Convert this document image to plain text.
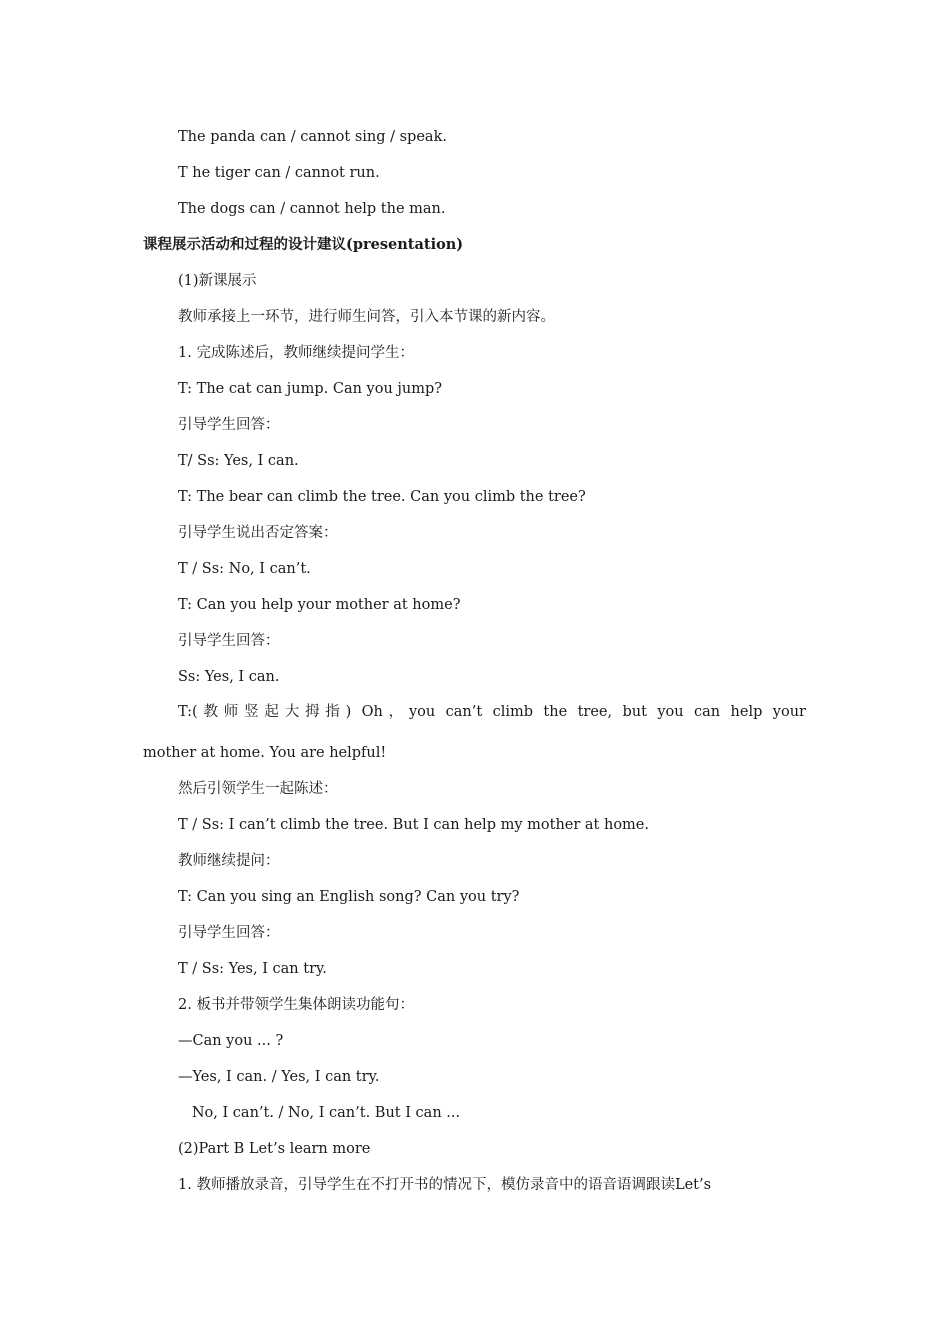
The panda can / cannot sing / speak.
T he tiger can / cannot run.
The dogs can / cannot help the man.
课程展示活动和过程的设计建议(presentation)
(1)新课展示
教师承接上一环节，进行师生问答，引入本节课的新内容。
1. 完成陈述后，教师继续提问学生：
T: The cat can jump. Can you jump?
引导学生回答：
T/ Ss: Yes, I can.
T: The bear can climb the tree. Can you climb the tree?
引导学生说出否定答案：
T / Ss: No, I can’t.
T: Can you help your mother at home?
引导学生回答：
Ss: Yes, I can.
T:(教师竖起大拇指) Oh，you can’t climb the tree, but you can help your
mother at home. You are helpful!
然后引领学生一起陈述：
T / Ss: I can’t climb the tree. But I can help my mother at home.
教师继续提问：
T: Can you sing an English song? Can you try?
引导学生回答：
T / Ss: Yes, I can try.
2. 板书并带领学生集体朗读功能句：
—Can you ... ?
—Yes, I can. / Yes, I can try.
No, I can’t. / No, I can’t. But I can ...
(2)Part B Let’s learn more
1. 教师播放录音，引导学生在不打开书的情况下，模仿录音中的语音语调跟读Let’s
